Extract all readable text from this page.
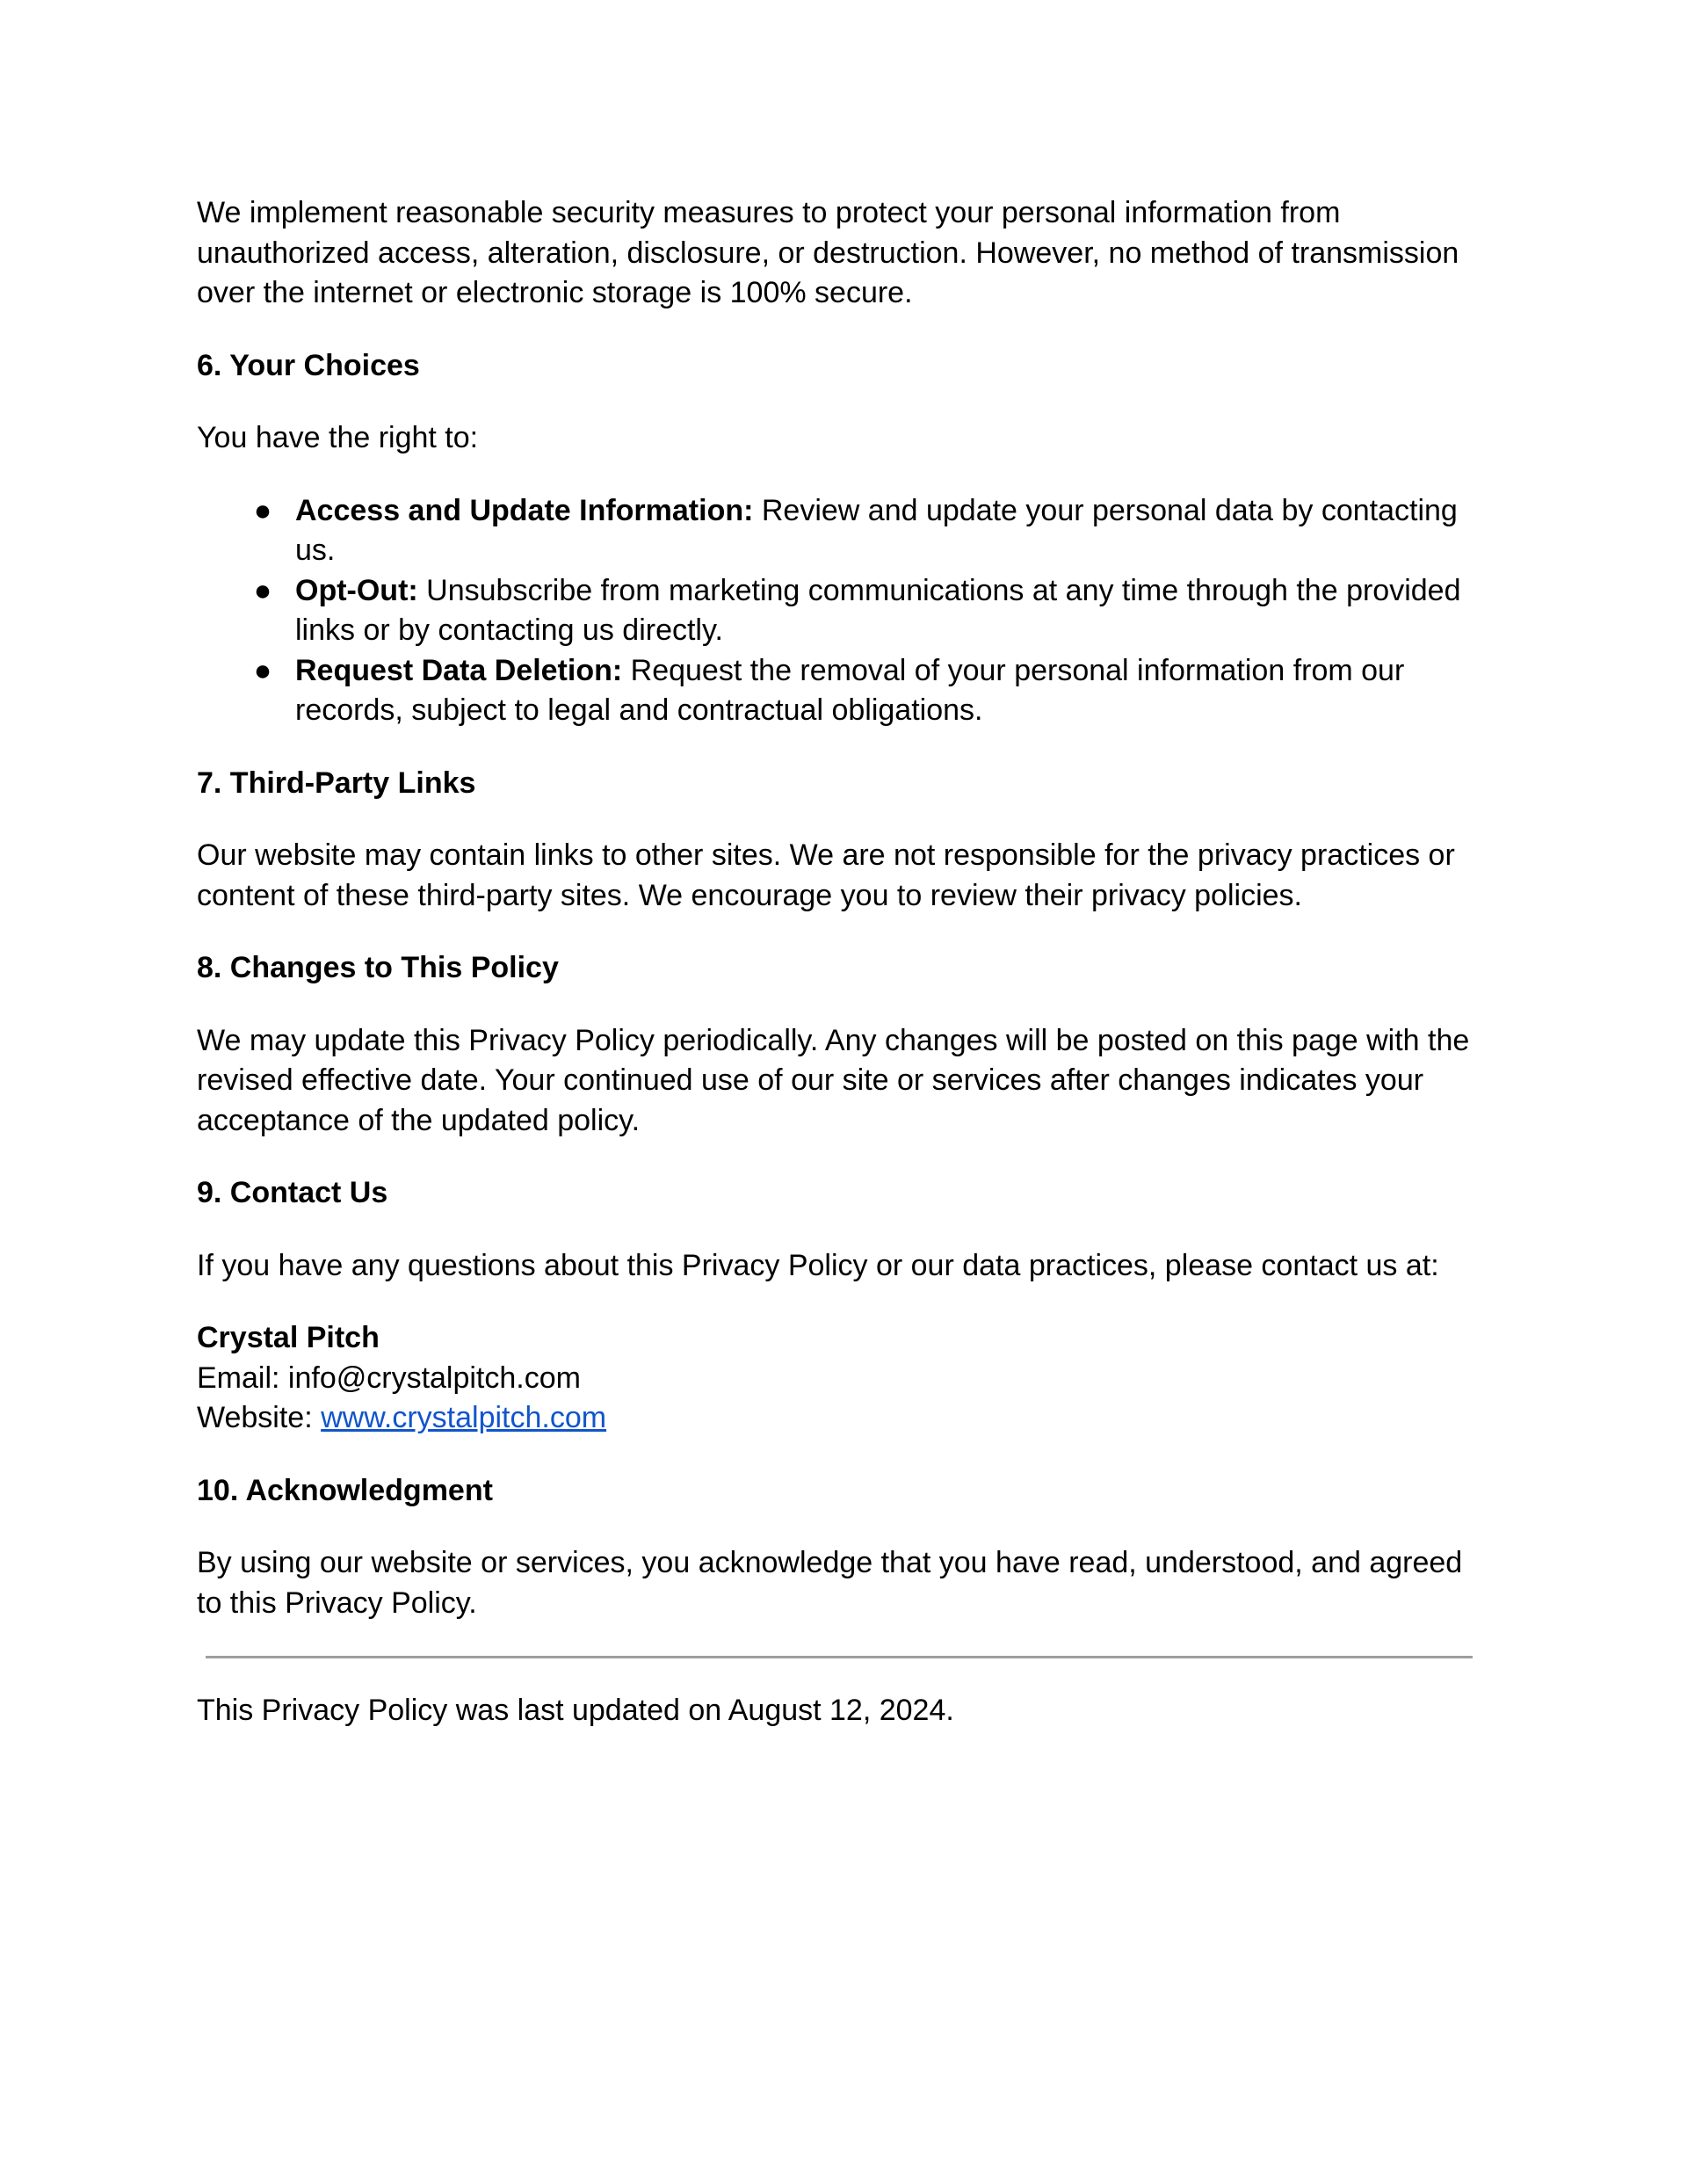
We implement reasonable security measures to protect your personal information from unauthorized access, alteration, disclosure, or destruction. However, no method of transmission over the internet or electronic storage is 100% secure.

6. Your Choices

You have the right to:

● Access and Update Information: Review and update your personal data by contacting us.
● Opt-Out: Unsubscribe from marketing communications at any time through the provided links or by contacting us directly.
● Request Data Deletion: Request the removal of your personal information from our records, subject to legal and contractual obligations.

7. Third-Party Links

Our website may contain links to other sites. We are not responsible for the privacy practices or content of these third-party sites. We encourage you to review their privacy policies.

8. Changes to This Policy

We may update this Privacy Policy periodically. Any changes will be posted on this page with the revised effective date. Your continued use of our site or services after changes indicates your acceptance of the updated policy.

9. Contact Us

If you have any questions about this Privacy Policy or our data practices, please contact us at:

Crystal Pitch
Email: info@crystalpitch.com
Website: www.crystalpitch.com

10. Acknowledgment

By using our website or services, you acknowledge that you have read, understood, and agreed to this Privacy Policy.

This Privacy Policy was last updated on August 12, 2024.
